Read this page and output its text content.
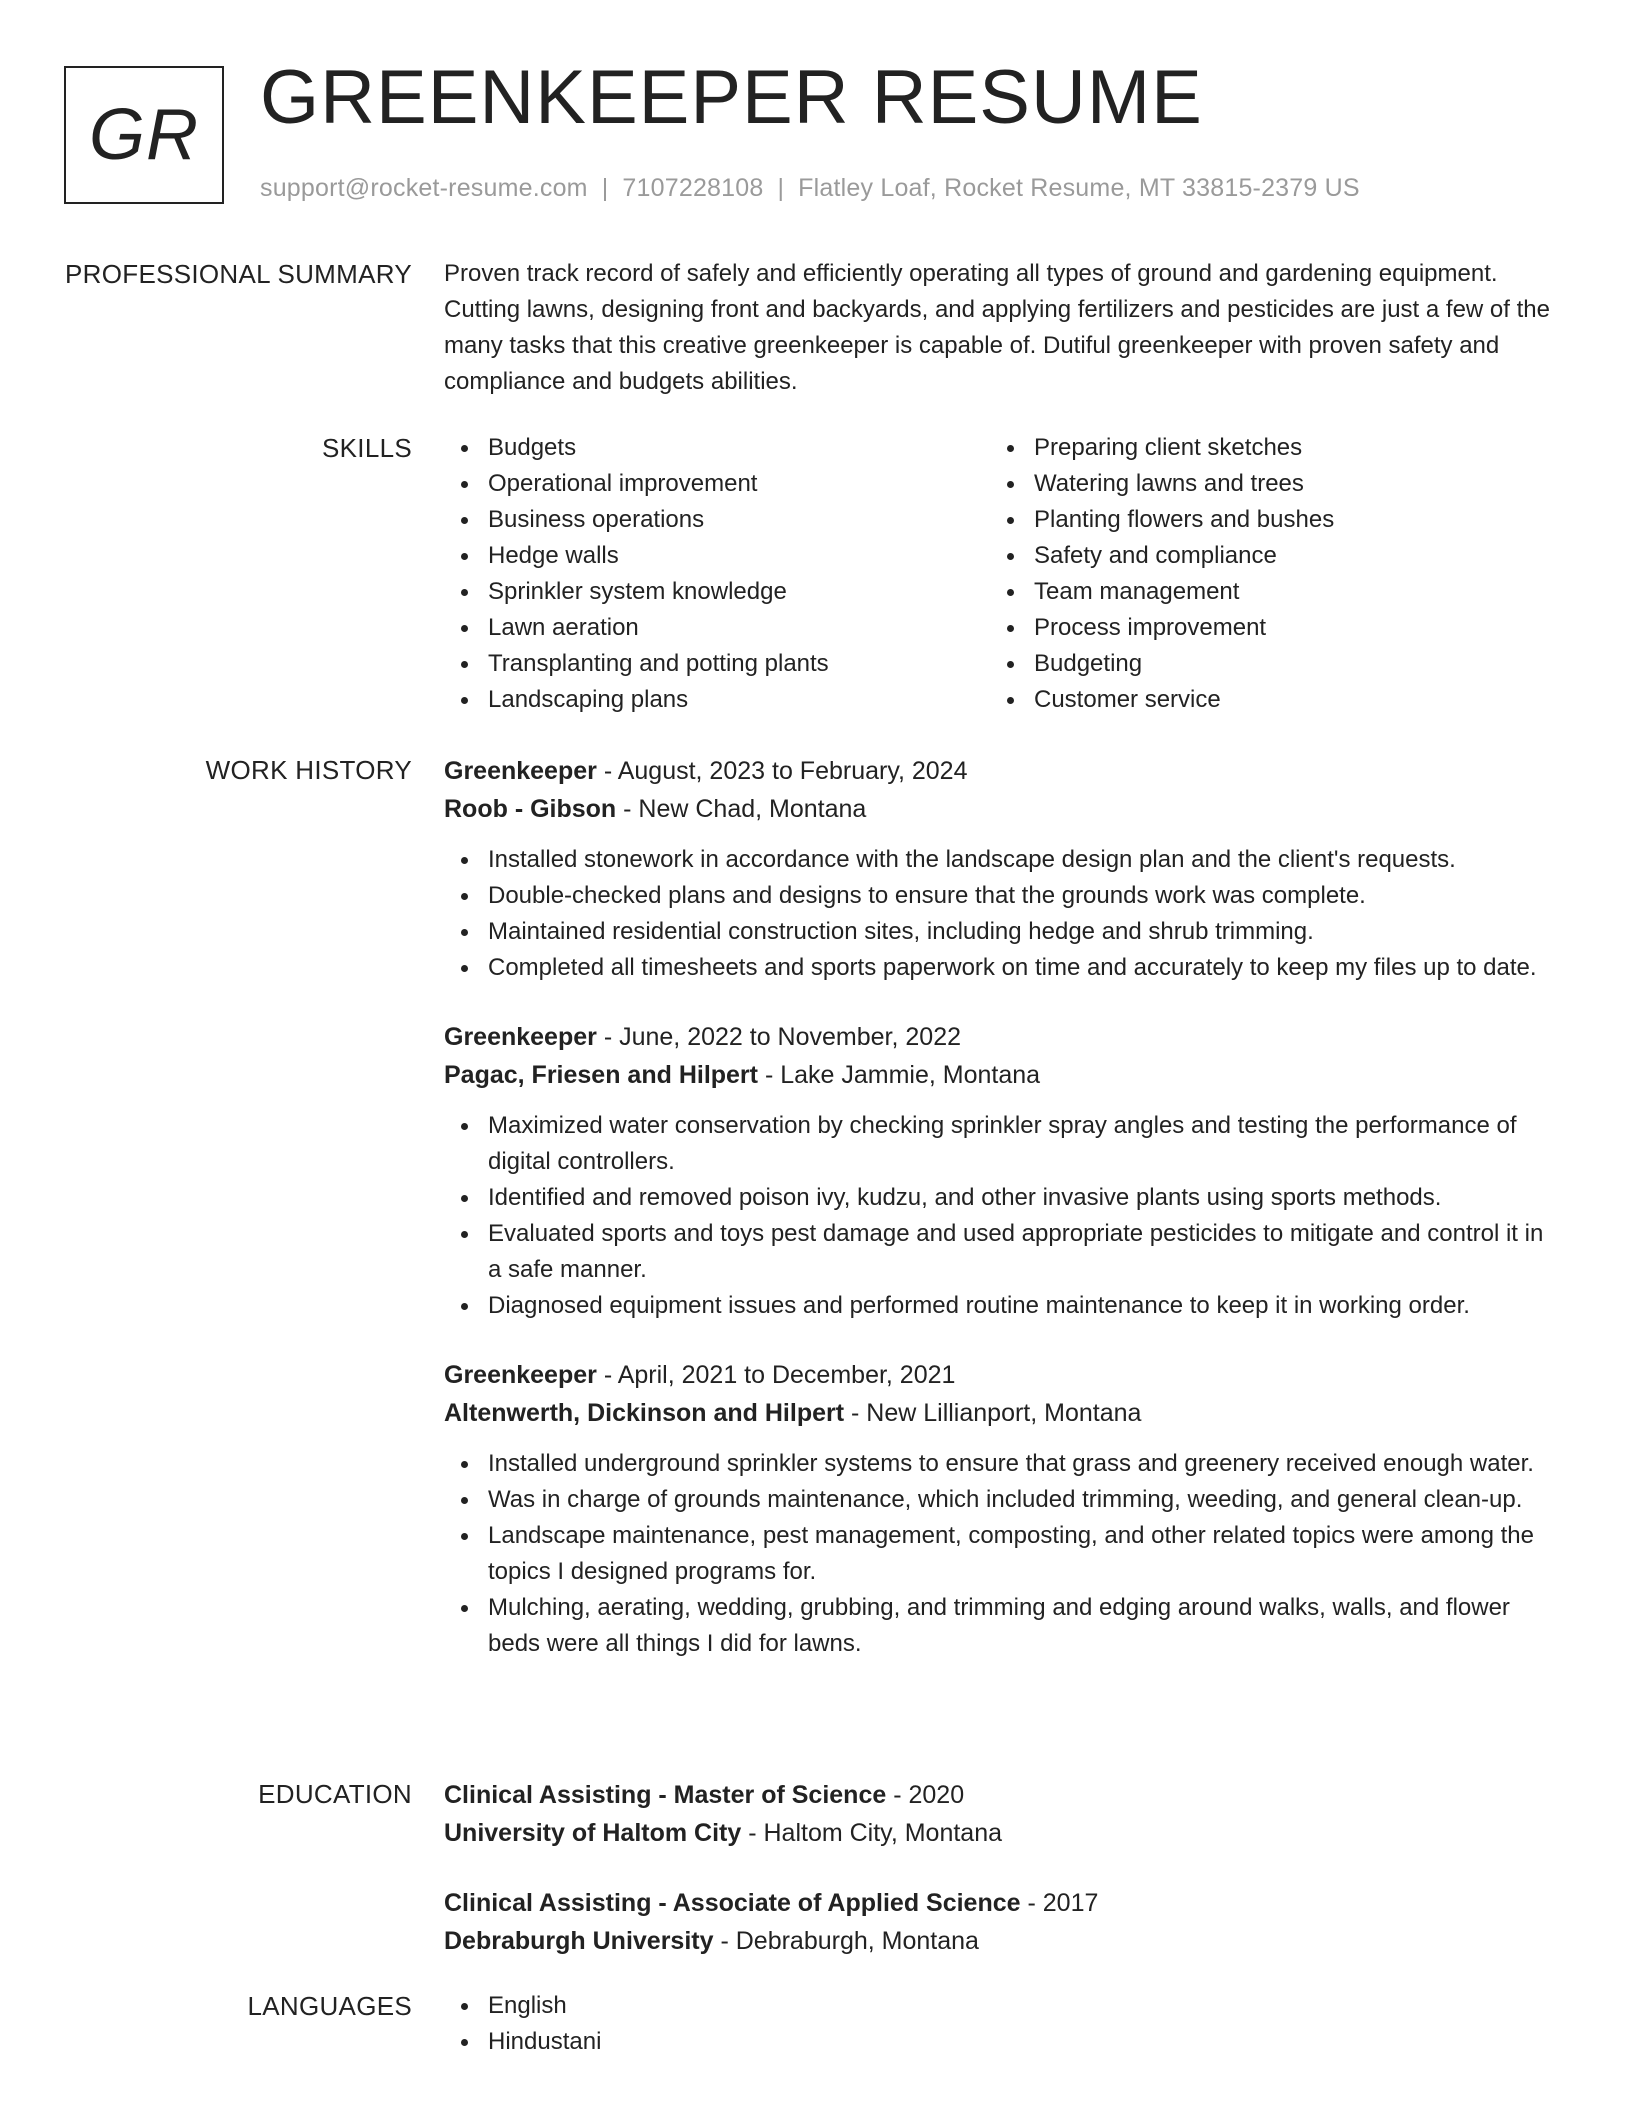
GR GREENKEEPER RESUME
support@rocket-resume.com | 7107228108 | Flatley Loaf, Rocket Resume, MT 33815-2379 US
PROFESSIONAL SUMMARY Proven track record of safely and efficiently operating all types of ground and gardening equipment. Cutting lawns, designing front and backyards, and applying fertilizers and pesticides are just a few of the many tasks that this creative greenkeeper is capable of. Dutiful greenkeeper with proven safety and compliance and budgets abilities.

SKILLS	Budgets
Operational improvement
Business operations
Hedge walls
Sprinkler system knowledge
Lawn aeration
Transplanting and potting plants
Landscaping plans
Preparing client sketches
Watering lawns and trees
Planting flowers and bushes
Safety and compliance
Team management
Process improvement
Budgeting
Customer service
WORK HISTORY Greenkeeper - August, 2023 to February, 2024
Roob - Gibson - New Chad, Montana
Installed stonework in accordance with the landscape design plan and the client's requests.
Double-checked plans and designs to ensure that the grounds work was complete.
Maintained residential construction sites, including hedge and shrub trimming.
Completed all timesheets and sports paperwork on time and accurately to keep my files up to date.
Greenkeeper - June, 2022 to November, 2022
Pagac, Friesen and Hilpert - Lake Jammie, Montana
Maximized water conservation by checking sprinkler spray angles and testing the performance of digital controllers.
Identified and removed poison ivy, kudzu, and other invasive plants using sports methods.
Evaluated sports and toys pest damage and used appropriate pesticides to mitigate and control it in a safe manner.
Diagnosed equipment issues and performed routine maintenance to keep it in working order.
Greenkeeper - April, 2021 to December, 2021
Altenwerth, Dickinson and Hilpert - New Lillianport, Montana
Installed underground sprinkler systems to ensure that grass and greenery received enough water.
Was in charge of grounds maintenance, which included trimming, weeding, and general clean-up.
Landscape maintenance, pest management, composting, and other related topics were among the topics I designed programs for.
Mulching, aerating, wedding, grubbing, and trimming and edging around walks, walls, and flower beds were all things I did for lawns.
EDUCATION Clinical Assisting - Master of Science - 2020
University of Haltom City - Haltom City, Montana
Clinical Assisting - Associate of Applied Science - 2017
Debraburgh University - Debraburgh, Montana
LANGUAGES	English
Hindustani
